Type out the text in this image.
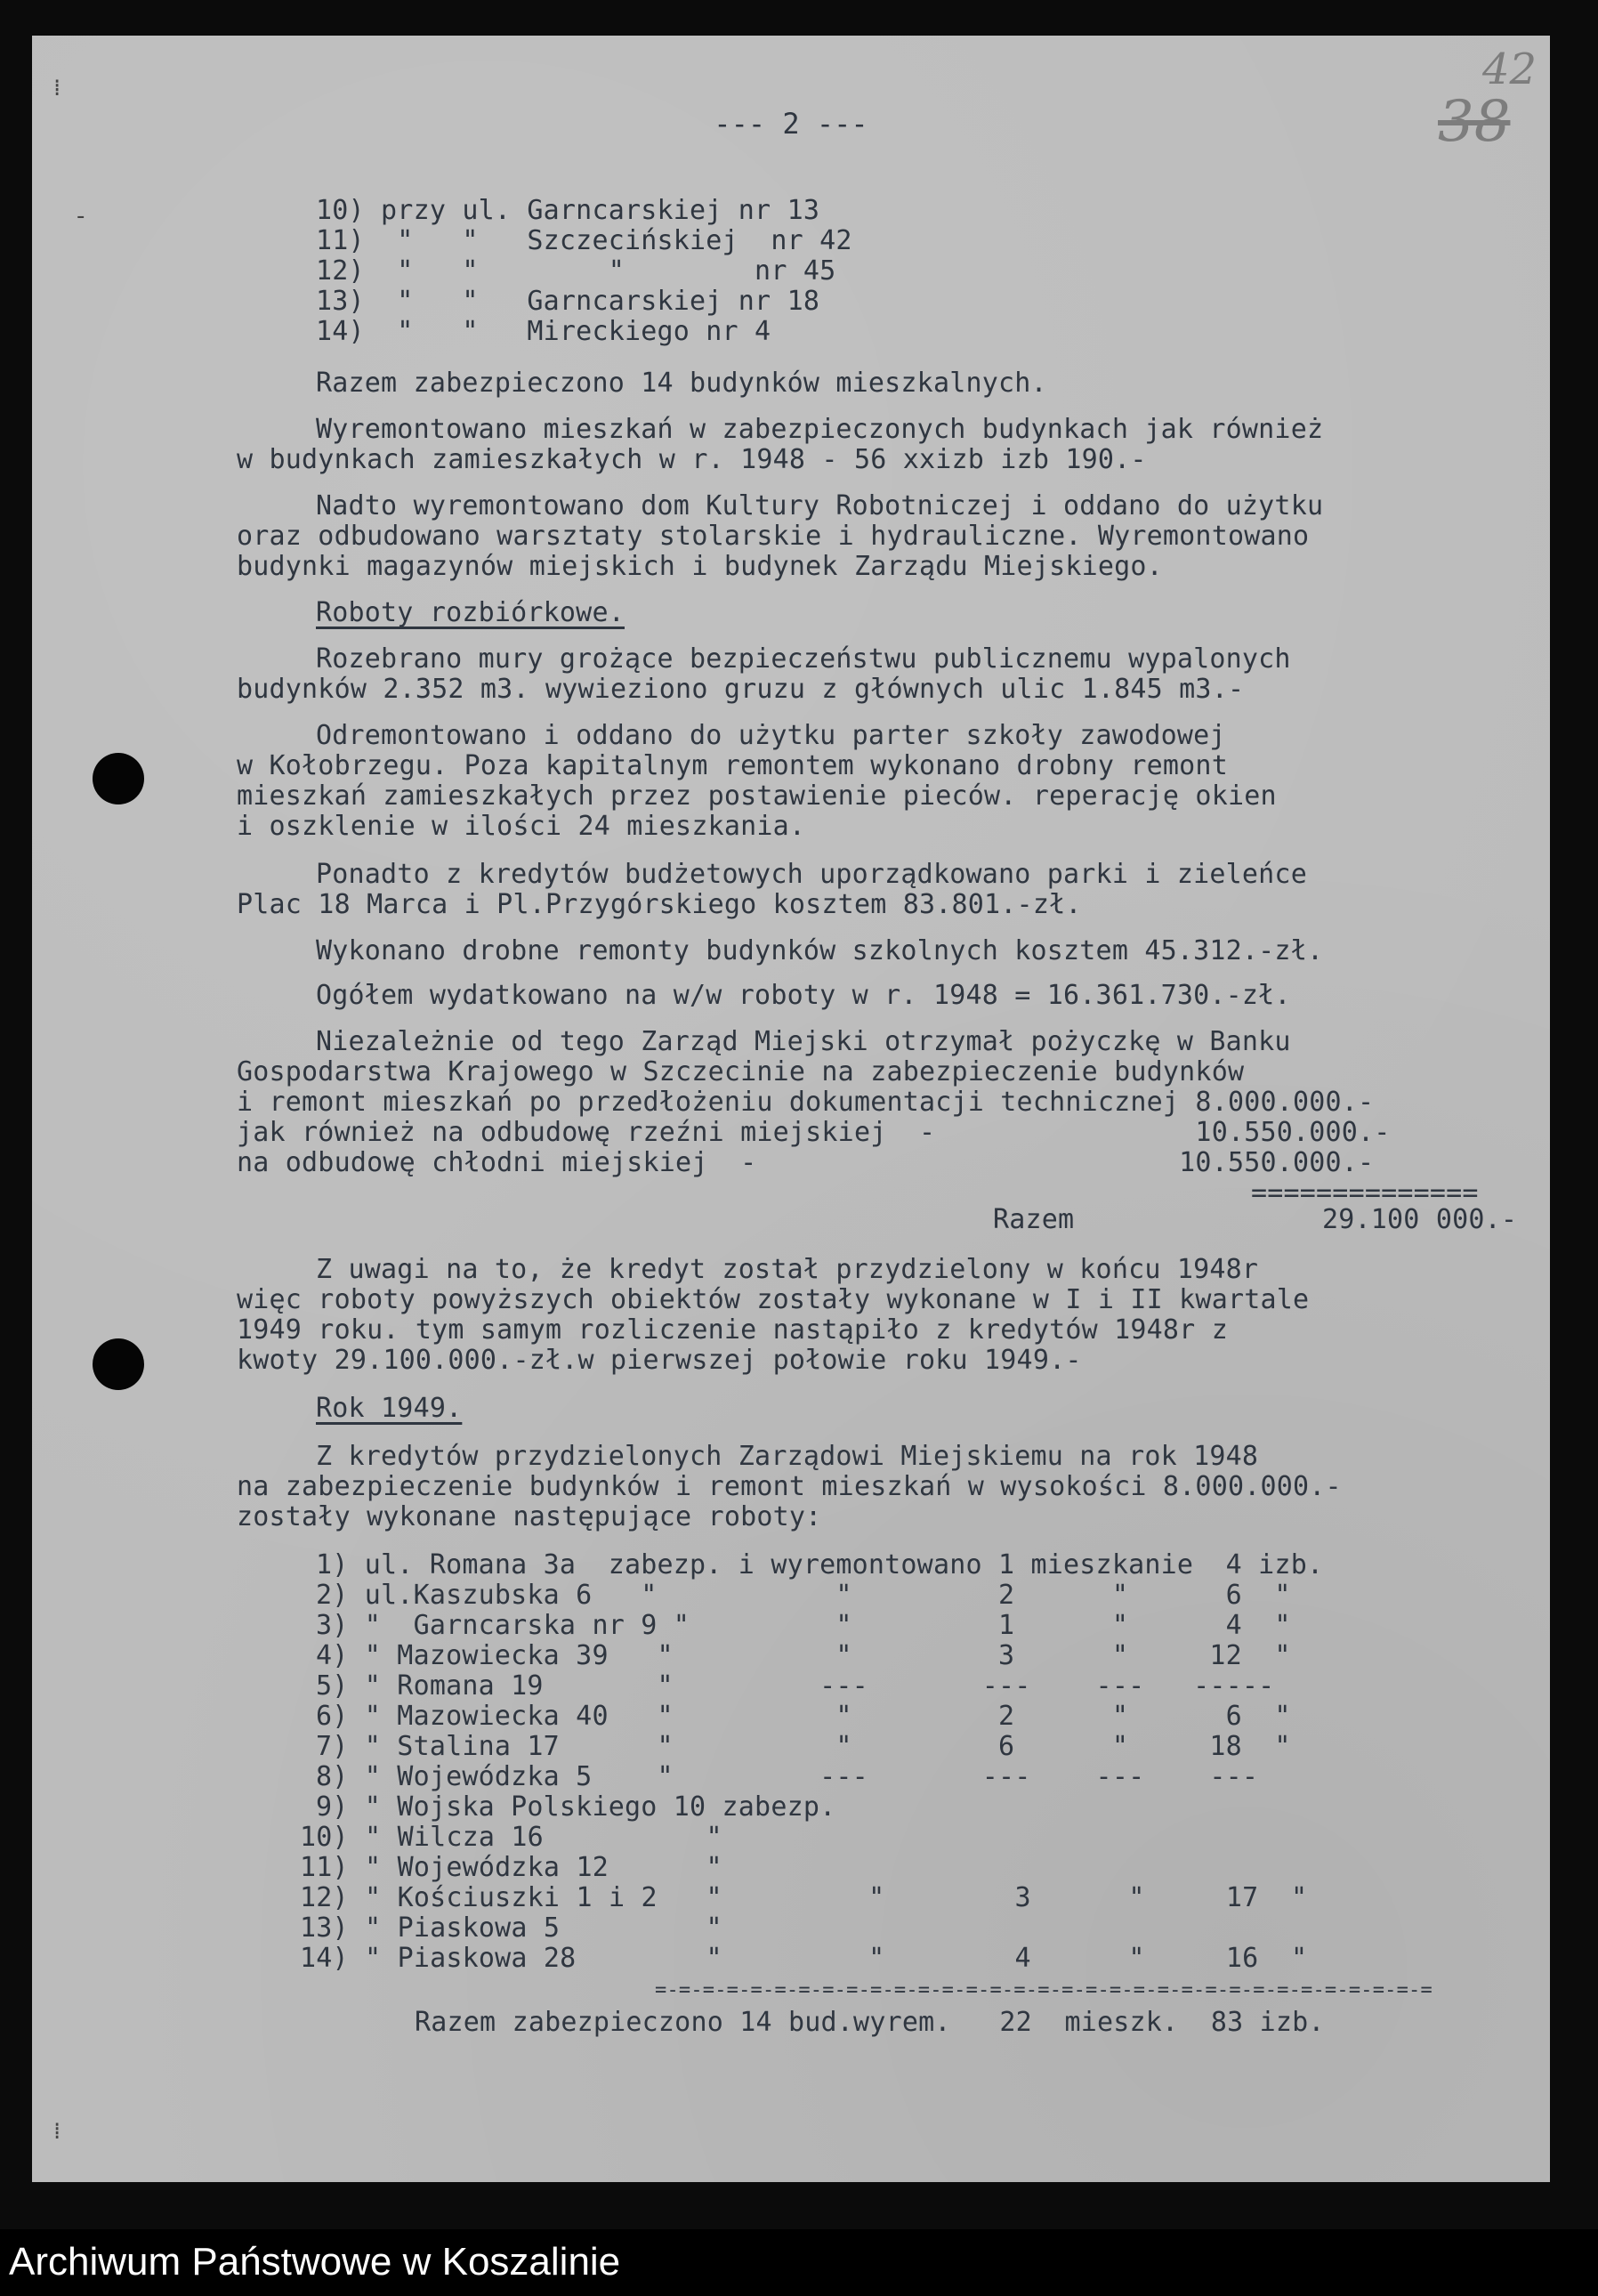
⁞
-
⁞
42
38
--- 2 ---

10) przy ul. Garncarskiej nr 13

11)  "   "   Szczecińskiej  nr 42

12)  "   "        "        nr 45

13)  "   "   Garncarskiej nr 18

14)  "   "   Mireckiego nr 4

Razem zabezpieczono 14 budynków mieszkalnych.

Wyremontowano mieszkań w zabezpieczonych budynkach jak również

w budynkach zamieszkałych w r. 1948 - 56 xxizb izb 190.-

Nadto wyremontowano dom Kultury Robotniczej i oddano do użytku

oraz odbudowano warsztaty stolarskie i hydrauliczne. Wyremontowano

budynki magazynów miejskich i budynek Zarządu Miejskiego.

Roboty rozbiórkowe.

Rozebrano mury grożące bezpieczeństwu publicznemu wypalonych

budynków 2.352 m3. wywieziono gruzu z głównych ulic 1.845 m3.-

Odremontowano i oddano do użytku parter szkoły zawodowej

w Kołobrzegu. Poza kapitalnym remontem wykonano drobny remont

mieszkań zamieszkałych przez postawienie pieców. reperację okien

i oszklenie w ilości 24 mieszkania.

Ponadto z kredytów budżetowych uporządkowano parki i zieleńce

Plac 18 Marca i Pl.Przygórskiego kosztem 83.801.-zł.

Wykonano drobne remonty budynków szkolnych kosztem 45.312.-zł.

Ogółem wydatkowano na w/w roboty w r. 1948 = 16.361.730.-zł.

Niezależnie od tego Zarząd Miejski otrzymał pożyczkę w Banku

Gospodarstwa Krajowego w Szczecinie na zabezpieczenie budynków

i remont mieszkań po przedłożeniu dokumentacji technicznej 8.000.000.-

jak również na odbudowę rzeźni miejskiej  -                10.550.000.-

na odbudowę chłodni miejskiej  -                          10.550.000.-

==============

Razem	29.100 000.-

Z uwagi na to, że kredyt został przydzielony w końcu 1948r

więc roboty powyższych obiektów zostały wykonane w I i II kwartale

1949 roku. tym samym rozliczenie nastąpiło z kredytów 1948r z

kwoty 29.100.000.-zł.w pierwszej połowie roku 1949.-

Rok 1949.

Z kredytów przydzielonych Zarządowi Miejskiemu na rok 1948

na zabezpieczenie budynków i remont mieszkań w wysokości 8.000.000.-

zostały wykonane następujące roboty:

1) ul. Romana 3a  zabezp. i wyremontowano 1 mieszkanie  4 izb.

2) ul.Kaszubska 6   "           "         2      "      6  "

3) "  Garncarska nr 9 "         "         1      "      4  "

4) " Mazowiecka 39   "          "         3      "     12  "

5) " Romana 19       "         ---       ---    ---   -----

6) " Mazowiecka 40   "          "         2      "      6  "

7) " Stalina 17      "          "         6      "     18  "

8) " Wojewódzka 5    "         ---       ---    ---    ---

9) " Wojska Polskiego 10 zabezp.

10) " Wilcza 16          "

11) " Wojewódzka 12      "

12) " Kościuszki 1 i 2   "         "        3      "     17  "

13) " Piaskowa 5         "

14) " Piaskowa 28        "         "        4      "     16  "

=-=-=-=-=-=-=-=-=-=-=-=-=-=-=-=-=-=-=-=-=-=-=-=-=-=-=-=-=-=-=-=-=

Razem zabezpieczono 14 bud.wyrem.   22  mieszk.  83 izb.

Archiwum Państwowe w Koszalinie
